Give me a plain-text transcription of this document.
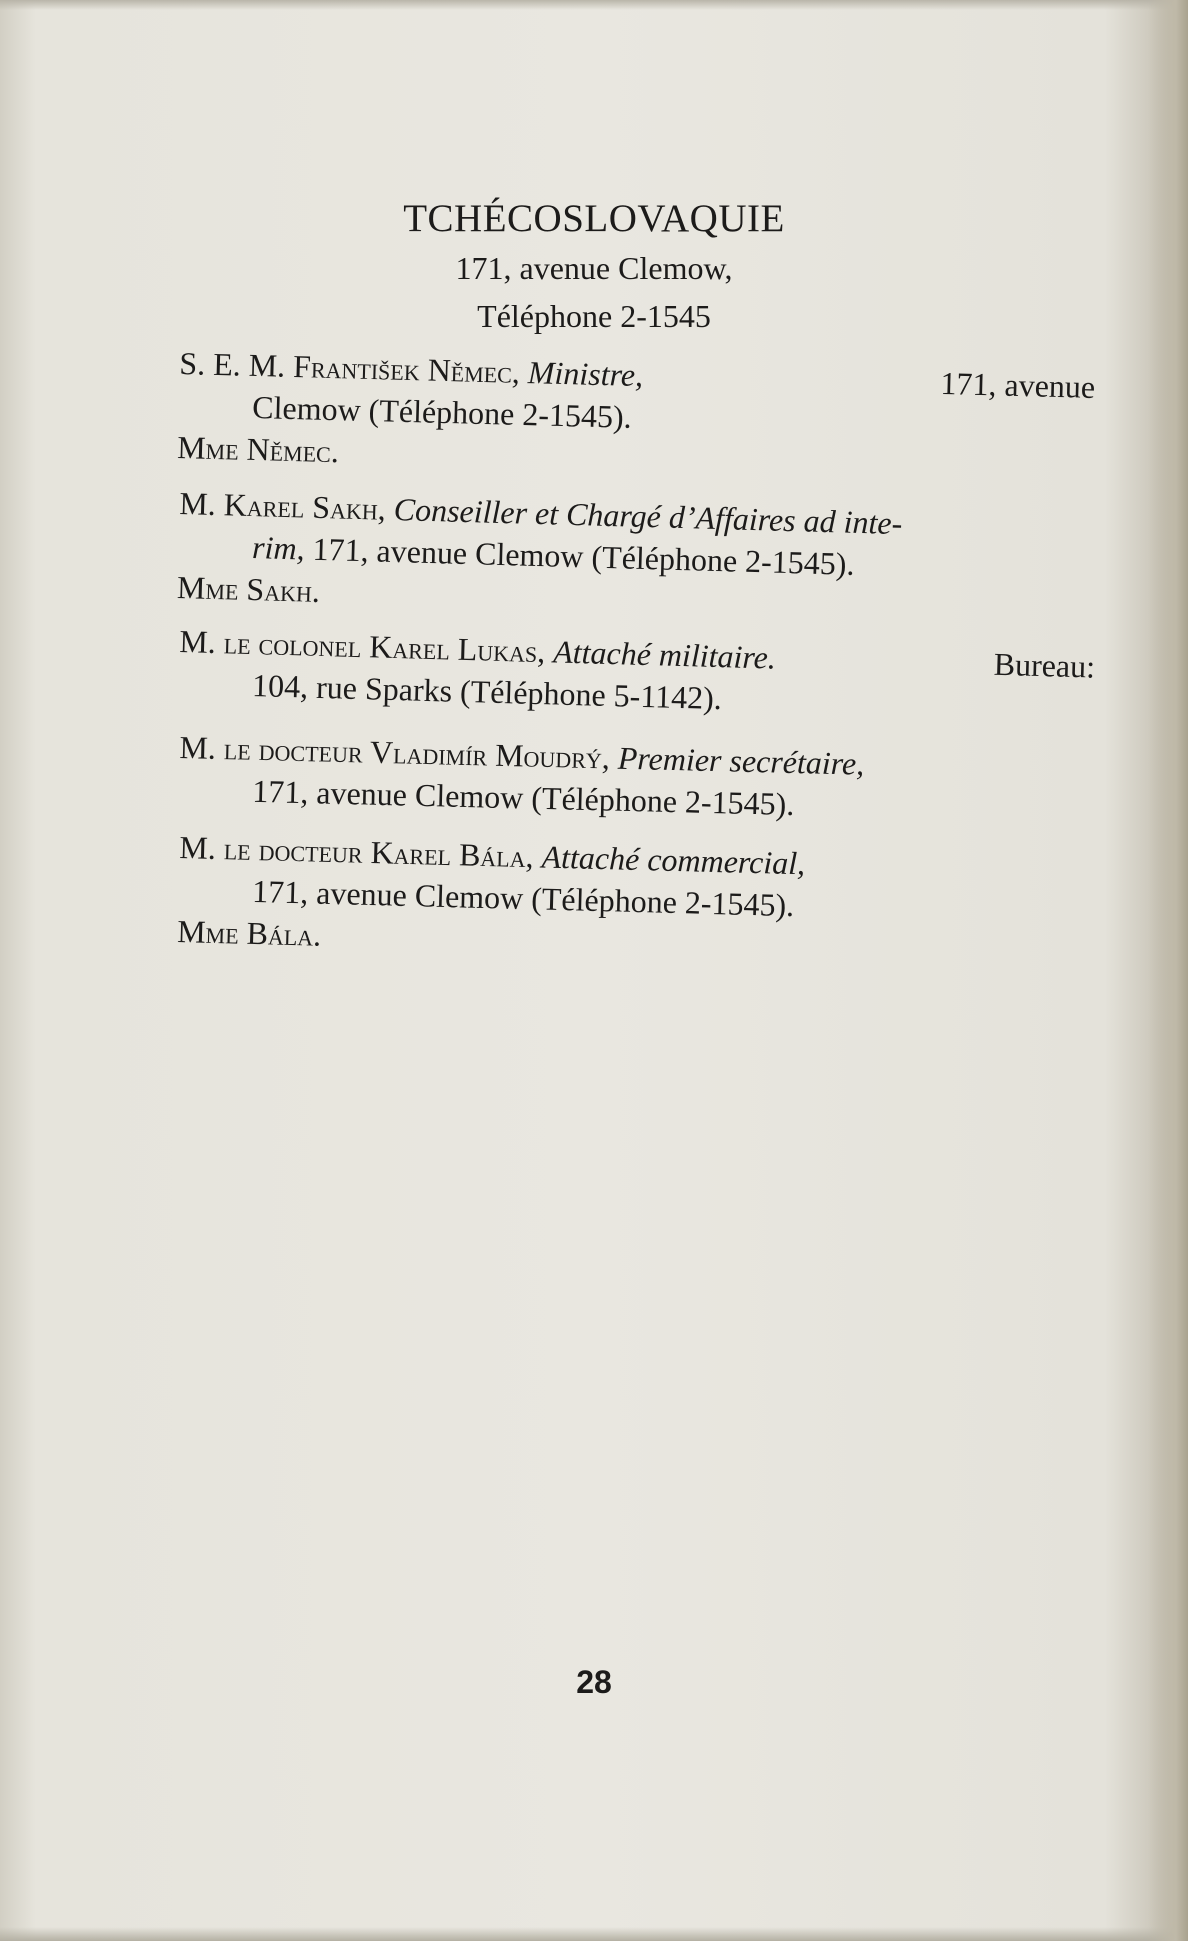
TCHÉCOSLOVAQUIE
171, avenue Clemow,
Téléphone 2-1545
S. E. M. František Němec, Ministre,	171, avenue
Clemow (Téléphone 2-1545).
Mme Němec.
M. Karel Sakh, Conseiller et Chargé d’Affaires ad inte-
rim, 171, avenue Clemow (Téléphone 2-1545).
Mme Sakh.
M. le colonel Karel Lukas, Attaché militaire.	Bureau:
104, rue Sparks (Téléphone 5-1142).
M. le docteur Vladimír Moudrý, Premier secrétaire,
171, avenue Clemow (Téléphone 2-1545).
M. le docteur Karel Bála, Attaché commercial,
171, avenue Clemow (Téléphone 2-1545).
Mme Bála.
28
